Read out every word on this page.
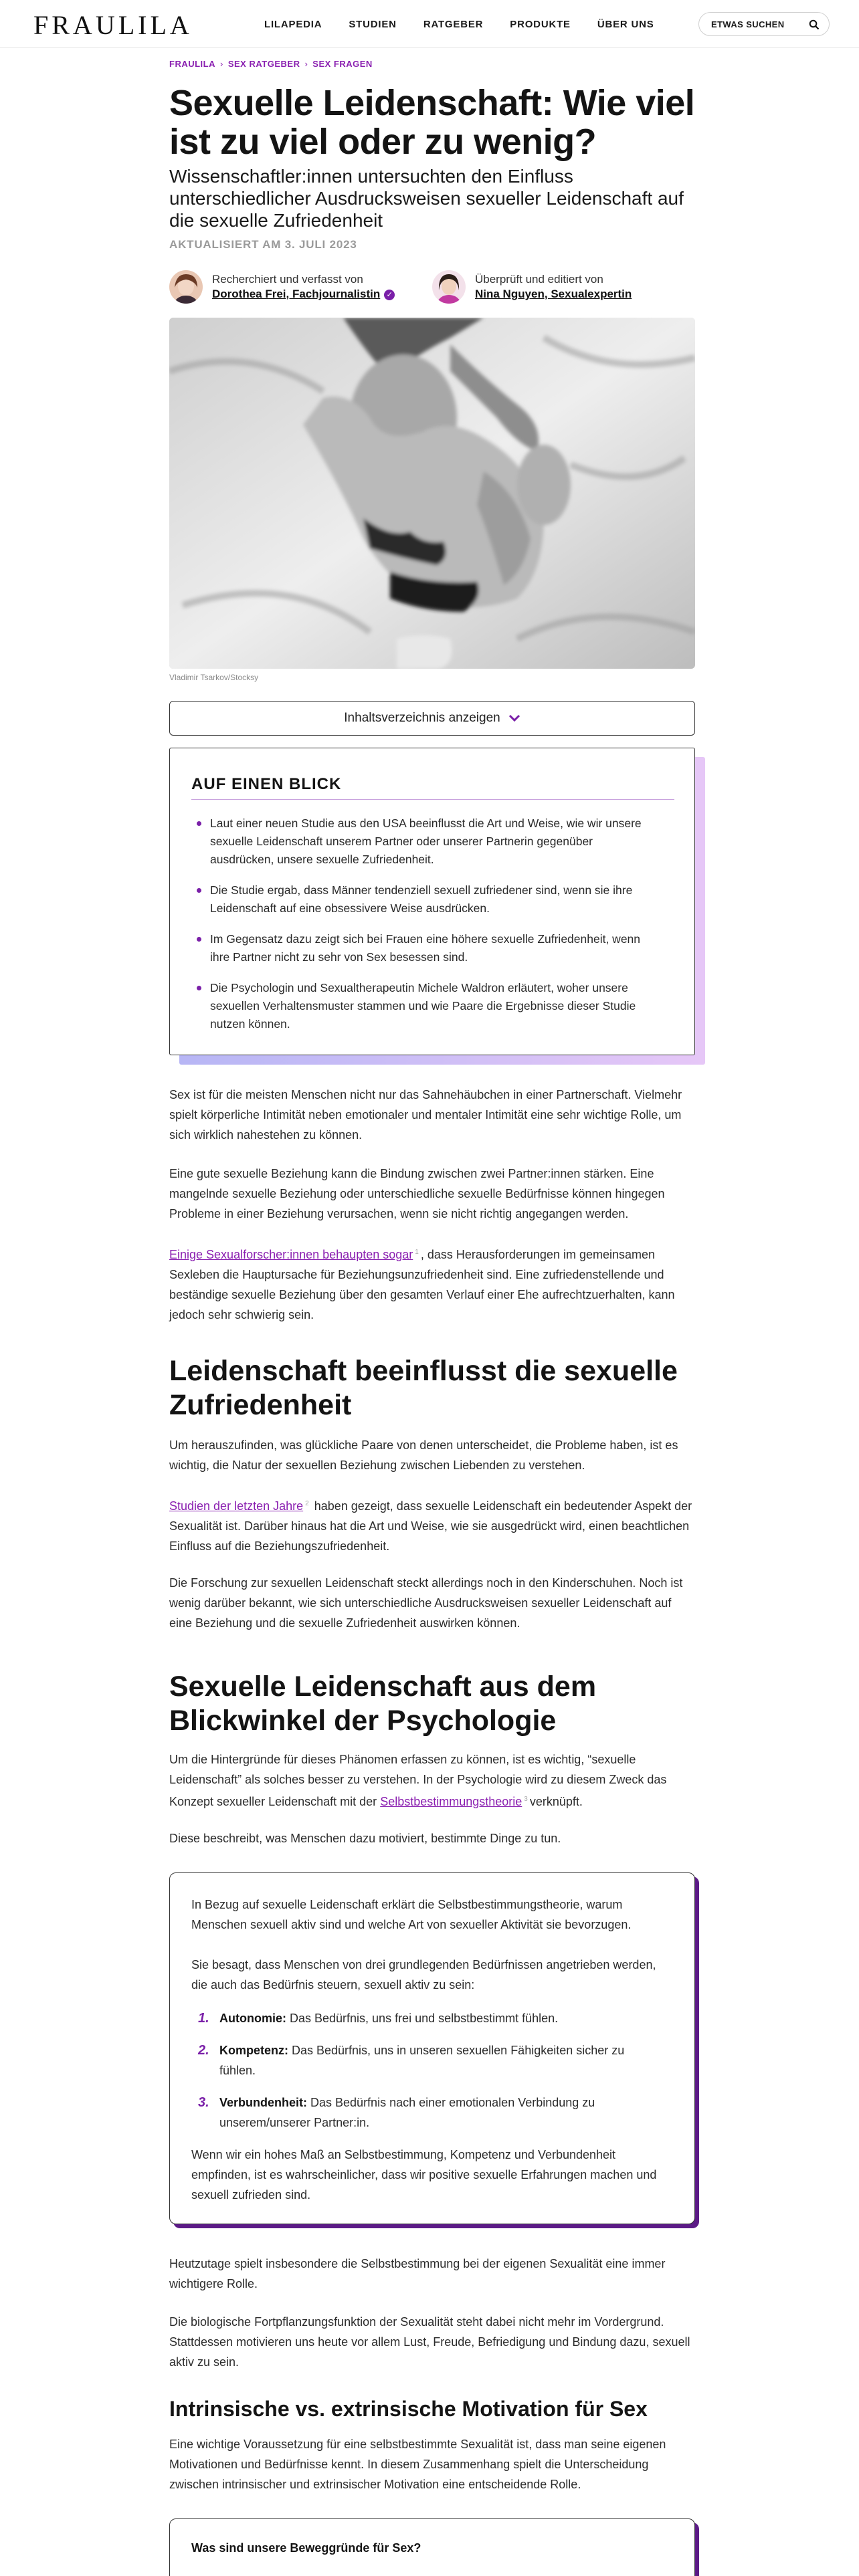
FRAULILA	LILAPEDIA	STUDIEN	RATGEBER	PRODUKTE	ÜBER UNS	ETWAS SUCHEN
FRAULILA › SEX RATGEBER › SEX FRAGEN
Sexuelle Leidenschaft: Wie viel ist zu viel oder zu wenig?
Wissenschaftler:innen untersuchten den Einfluss unterschiedlicher Ausdrucksweisen sexueller Leidenschaft auf die sexuelle Zufriedenheit
AKTUALISIERT AM 3. JULI 2023
Recherchiert und verfasst von
Dorothea Frei, Fachjournalistin ✓
Überprüft und editiert von
Nina Nguyen, Sexualexpertin
Vladimir Tsarkov/Stocksy
Inhaltsverzeichnis anzeigen
AUF EINEN BLICK
Laut einer neuen Studie aus den USA beeinflusst die Art und Weise, wie wir unsere sexuelle Leidenschaft unserem Partner oder unserer Partnerin gegenüber ausdrücken, unsere sexuelle Zufriedenheit.
Die Studie ergab, dass Männer tendenziell sexuell zufriedener sind, wenn sie ihre Leidenschaft auf eine obsessivere Weise ausdrücken.
Im Gegensatz dazu zeigt sich bei Frauen eine höhere sexuelle Zufriedenheit, wenn ihre Partner nicht zu sehr von Sex besessen sind.
Die Psychologin und Sexualtherapeutin Michele Waldron erläutert, woher unsere sexuellen Verhaltensmuster stammen und wie Paare die Ergebnisse dieser Studie nutzen können.
Sex ist für die meisten Menschen nicht nur das Sahnehäubchen in einer Partnerschaft. Vielmehr spielt körperliche Intimität neben emotionaler und mentaler Intimität eine sehr wichtige Rolle, um sich wirklich nahestehen zu können.
Eine gute sexuelle Beziehung kann die Bindung zwischen zwei Partner:innen stärken. Eine mangelnde sexuelle Beziehung oder unterschiedliche sexuelle Bedürfnisse können hingegen Probleme in einer Beziehung verursachen, wenn sie nicht richtig angegangen werden.
Einige Sexualforscher:innen behaupten sogar $^1$ , dass Herausforderungen im gemeinsamen Sexleben die Hauptursache für Beziehungsunzufriedenheit sind. Eine zufriedenstellende und beständige sexuelle Beziehung über den gesamten Verlauf einer Ehe aufrechtzuerhalten, kann jedoch sehr schwierig sein.
Leidenschaft beeinflusst die sexuelle Zufriedenheit
Um herauszufinden, was glückliche Paare von denen unterscheidet, die Probleme haben, ist es wichtig, die Natur der sexuellen Beziehung zwischen Liebenden zu verstehen.
Studien der letzten Jahre $^2$ haben gezeigt, dass sexuelle Leidenschaft ein bedeutender Aspekt der Sexualität ist. Darüber hinaus hat die Art und Weise, wie sie ausgedrückt wird, einen beachtlichen Einfluss auf die Beziehungszufriedenheit.
Die Forschung zur sexuellen Leidenschaft steckt allerdings noch in den Kinderschuhen. Noch ist wenig darüber bekannt, wie sich unterschiedliche Ausdrucksweisen sexueller Leidenschaft auf eine Beziehung und die sexuelle Zufriedenheit auswirken können.
Sexuelle Leidenschaft aus dem Blickwinkel der Psychologie
Um die Hintergründe für dieses Phänomen erfassen zu können, ist es wichtig, “sexuelle Leidenschaft” als solches besser zu verstehen. In der Psychologie wird zu diesem Zweck das Konzept sexueller Leidenschaft mit der Selbstbestimmungstheorie $^3$ verknüpft.
Diese beschreibt, was Menschen dazu motiviert, bestimmte Dinge zu tun.
In Bezug auf sexuelle Leidenschaft erklärt die Selbstbestimmungstheorie, warum Menschen sexuell aktiv sind und welche Art von sexueller Aktivität sie bevorzugen.
Sie besagt, dass Menschen von drei grundlegenden Bedürfnissen angetrieben werden, die auch das Bedürfnis steuern, sexuell aktiv zu sein:
1. Autonomie: Das Bedürfnis, uns frei und selbstbestimmt fühlen.
2. Kompetenz: Das Bedürfnis, uns in unseren sexuellen Fähigkeiten sicher zu fühlen.
3. Verbundenheit: Das Bedürfnis nach einer emotionalen Verbindung zu unserem/unserer Partner:in.
Wenn wir ein hohes Maß an Selbstbestimmung, Kompetenz und Verbundenheit empfinden, ist es wahrscheinlicher, dass wir positive sexuelle Erfahrungen machen und sexuell zufrieden sind.
Heutzutage spielt insbesondere die Selbstbestimmung bei der eigenen Sexualität eine immer wichtigere Rolle.
Die biologische Fortpflanzungsfunktion der Sexualität steht dabei nicht mehr im Vordergrund. Stattdessen motivieren uns heute vor allem Lust, Freude, Befriedigung und Bindung dazu, sexuell aktiv zu sein.
Intrinsische vs. extrinsische Motivation für Sex
Eine wichtige Voraussetzung für eine selbstbestimmte Sexualität ist, dass man seine eigenen Motivationen und Bedürfnisse kennt. In diesem Zusammenhang spielt die Unterscheidung zwischen intrinsischer und extrinsischer Motivation eine entscheidende Rolle.
Was sind unsere Beweggründe für Sex?
